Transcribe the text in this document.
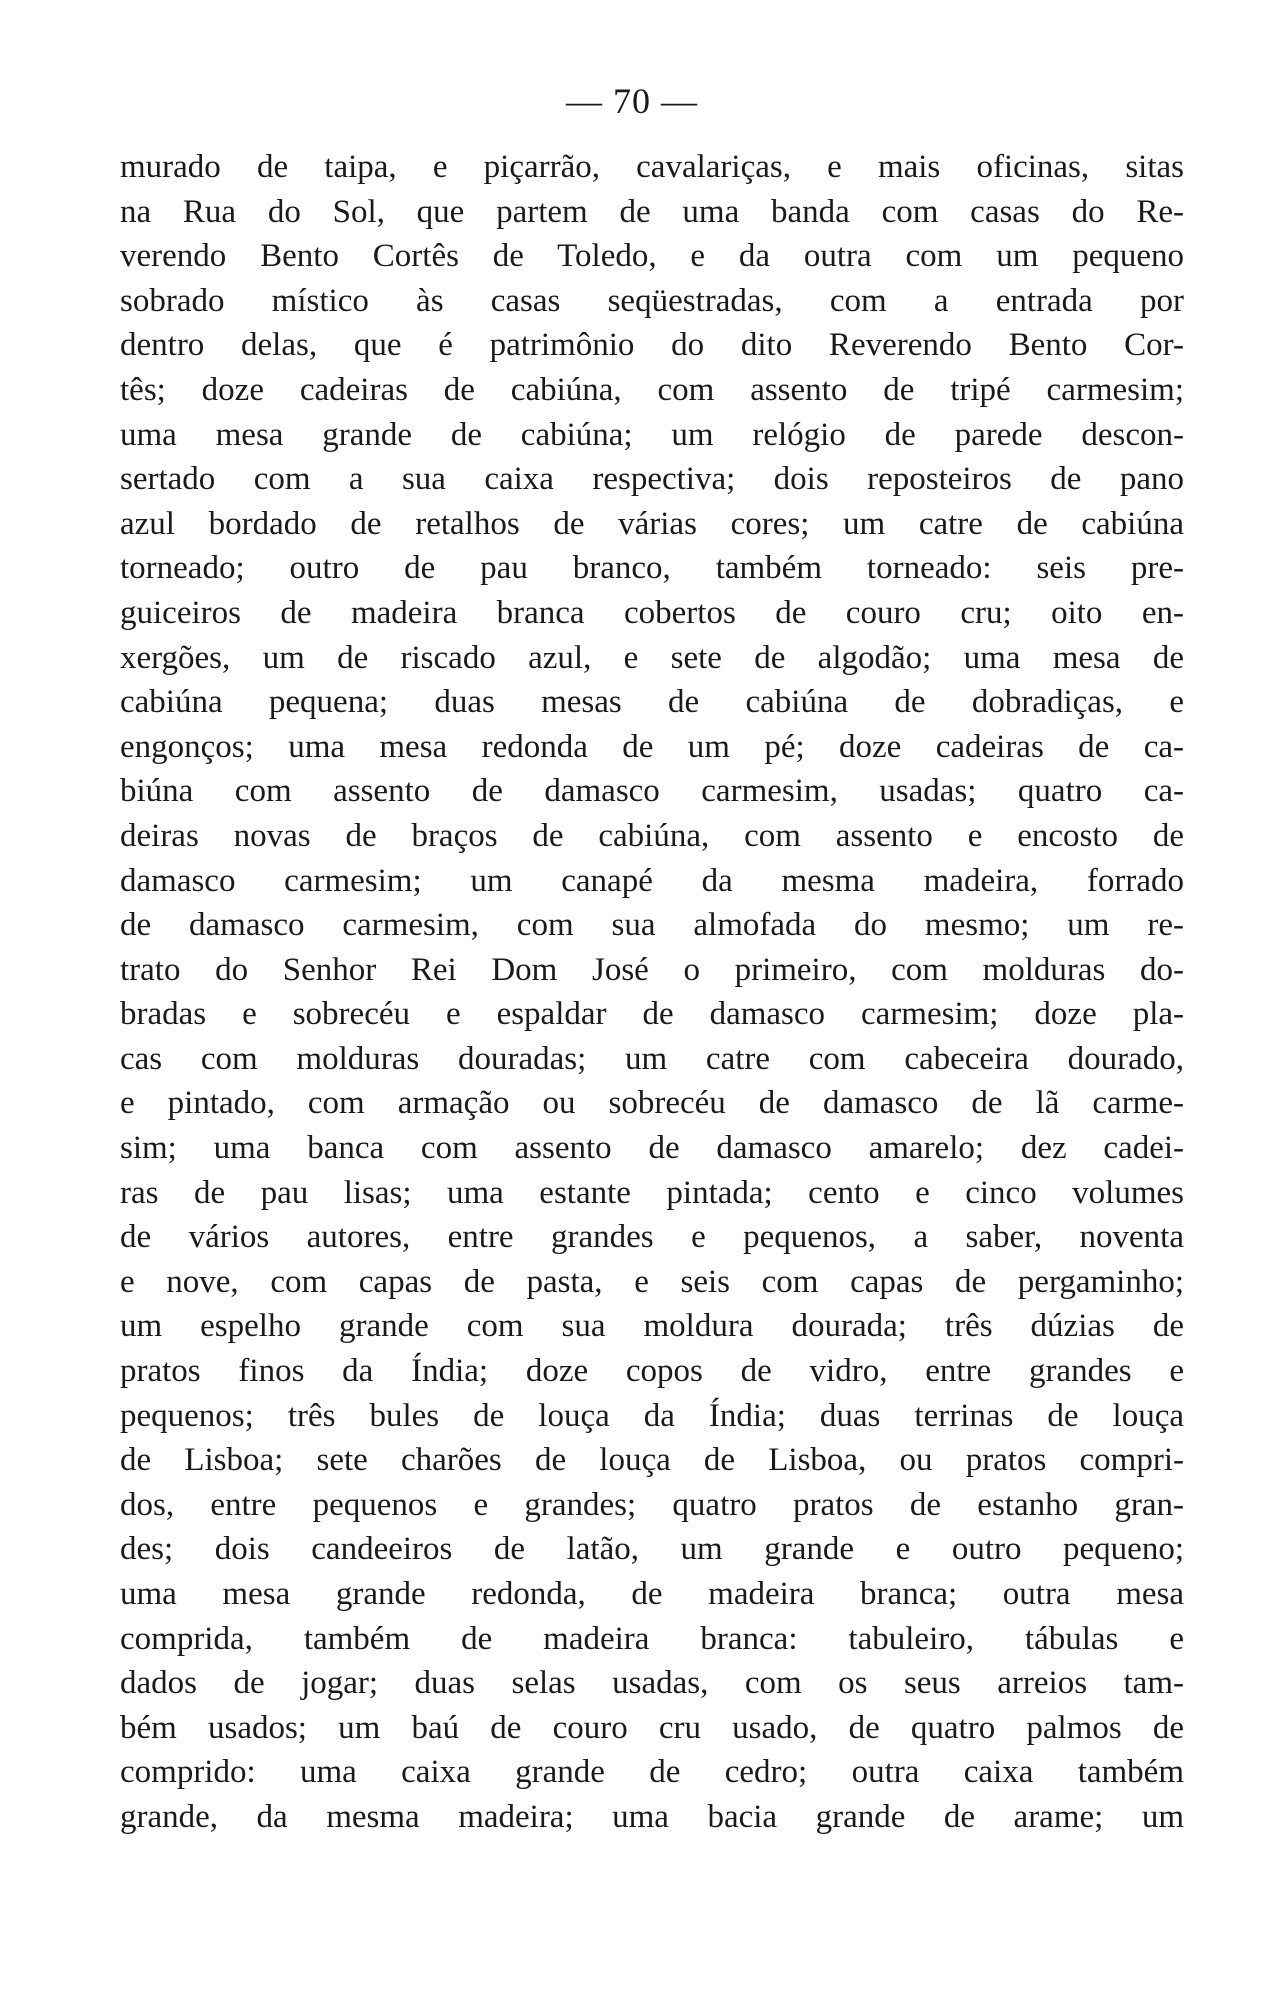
— 70 —
murado de taipa, e piçarrão, cavalariças, e mais oficinas, sitas
na Rua do Sol, que partem de uma banda com casas do Re-
verendo Bento Cortês de Toledo, e da outra com um pequeno
sobrado místico às casas seqüestradas, com a entrada por
dentro delas, que é patrimônio do dito Reverendo Bento Cor-
tês; doze cadeiras de cabiúna, com assento de tripé carmesim;
uma mesa grande de cabiúna; um relógio de parede descon-
sertado com a sua caixa respectiva; dois reposteiros de pano
azul bordado de retalhos de várias cores; um catre de cabiúna
torneado; outro de pau branco, também torneado: seis pre-
guiceiros de madeira branca cobertos de couro cru; oito en-
xergões, um de riscado azul, e sete de algodão; uma mesa de
cabiúna pequena; duas mesas de cabiúna de dobradiças, e
engonços; uma mesa redonda de um pé; doze cadeiras de ca-
biúna com assento de damasco carmesim, usadas; quatro ca-
deiras novas de braços de cabiúna, com assento e encosto de
damasco carmesim; um canapé da mesma madeira, forrado
de damasco carmesim, com sua almofada do mesmo; um re-
trato do Senhor Rei Dom José o primeiro, com molduras do-
bradas e sobrecéu e espaldar de damasco carmesim; doze pla-
cas com molduras douradas; um catre com cabeceira dourado,
e pintado, com armação ou sobrecéu de damasco de lã carme-
sim; uma banca com assento de damasco amarelo; dez cadei-
ras de pau lisas; uma estante pintada; cento e cinco volumes
de vários autores, entre grandes e pequenos, a saber, noventa
e nove, com capas de pasta, e seis com capas de pergaminho;
um espelho grande com sua moldura dourada; três dúzias de
pratos finos da Índia; doze copos de vidro, entre grandes e
pequenos; três bules de louça da Índia; duas terrinas de louça
de Lisboa; sete charões de louça de Lisboa, ou pratos compri-
dos, entre pequenos e grandes; quatro pratos de estanho gran-
des; dois candeeiros de latão, um grande e outro pequeno;
uma mesa grande redonda, de madeira branca; outra mesa
comprida, também de madeira branca: tabuleiro, tábulas e
dados de jogar; duas selas usadas, com os seus arreios tam-
bém usados; um baú de couro cru usado, de quatro palmos de
comprido: uma caixa grande de cedro; outra caixa também
grande, da mesma madeira; uma bacia grande de arame; um
